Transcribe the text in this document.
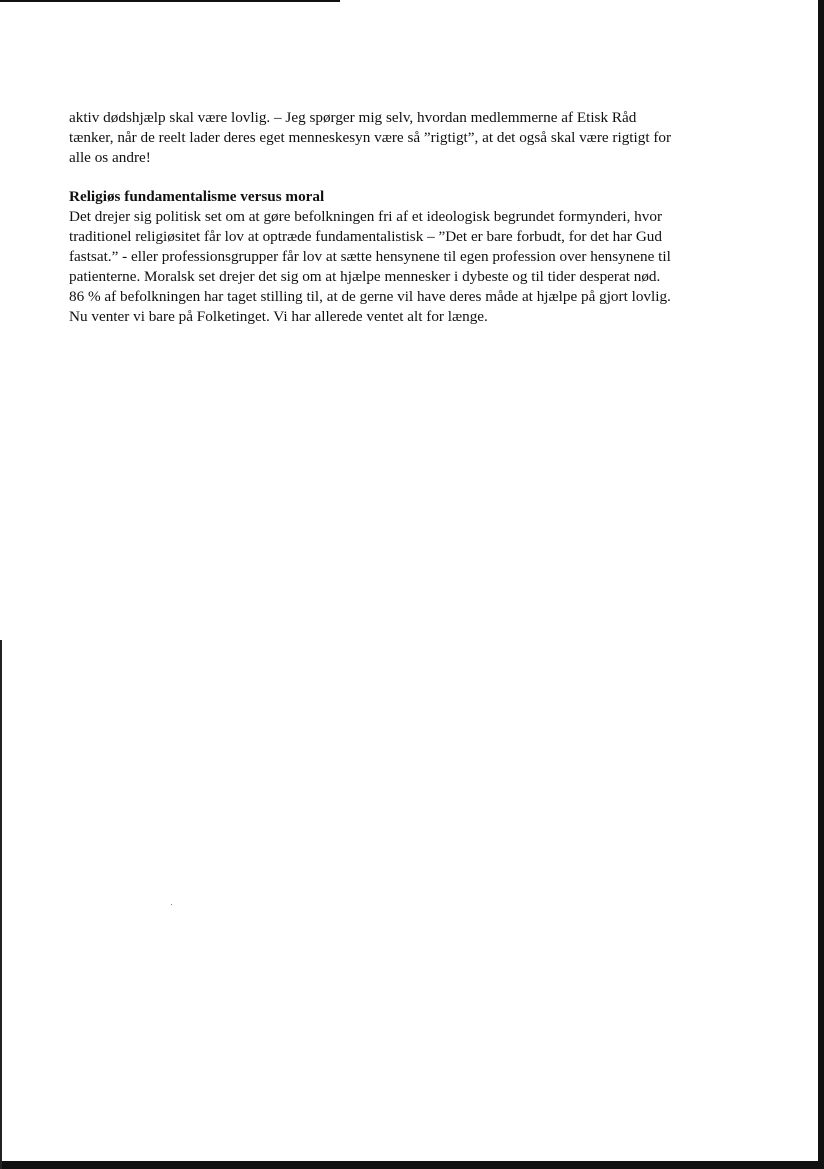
aktiv dødshjælp skal være lovlig. – Jeg spørger mig selv, hvordan medlemmerne af Etisk Råd
tænker, når de reelt lader deres eget menneskesyn være så ”rigtigt”, at det også skal være rigtigt for
alle os andre!

Religiøs fundamentalisme versus moral
Det drejer sig politisk set om at gøre befolkningen fri af et ideologisk begrundet formynderi, hvor
traditionel religiøsitet får lov at optræde fundamentalistisk – ”Det er bare forbudt, for det har Gud
fastsat.” - eller professionsgrupper får lov at sætte hensynene til egen profession over hensynene til
patienterne. Moralsk set drejer det sig om at hjælpe mennesker i dybeste og til tider desperat nød.
86 % af befolkningen har taget stilling til, at de gerne vil have deres måde at hjælpe på gjort lovlig.
Nu venter vi bare på Folketinget. Vi har allerede ventet alt for længe.
